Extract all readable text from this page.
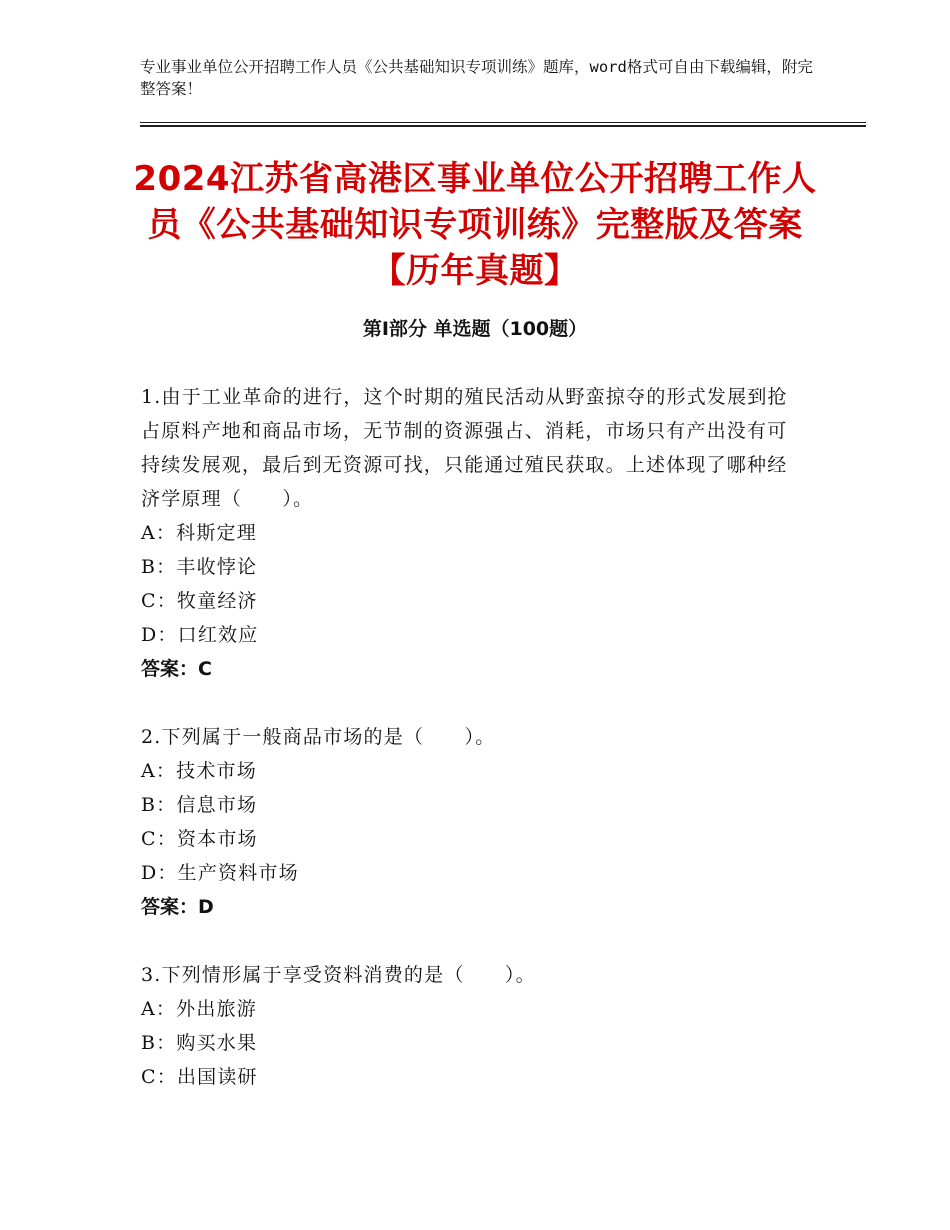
专业事业单位公开招聘工作人员《公共基础知识专项训练》题库，word格式可自由下载编辑，附完整答案！
2024江苏省高港区事业单位公开招聘工作人员《公共基础知识专项训练》完整版及答案【历年真题】
第Ⅰ部分 单选题（100题）

1.由于工业革命的进行，这个时期的殖民活动从野蛮掠夺的形式发展到抢占原料产地和商品市场，无节制的资源强占、消耗，市场只有产出没有可持续发展观，最后到无资源可找，只能通过殖民获取。上述体现了哪种经济学原理（　　）。

A：科斯定理

B：丰收悖论

C：牧童经济

D：口红效应

答案：C

2.下列属于一般商品市场的是（　　）。

A：技术市场

B：信息市场

C：资本市场

D：生产资料市场

答案：D

3.下列情形属于享受资料消费的是（　　）。

A：外出旅游

B：购买水果

C：出国读研
